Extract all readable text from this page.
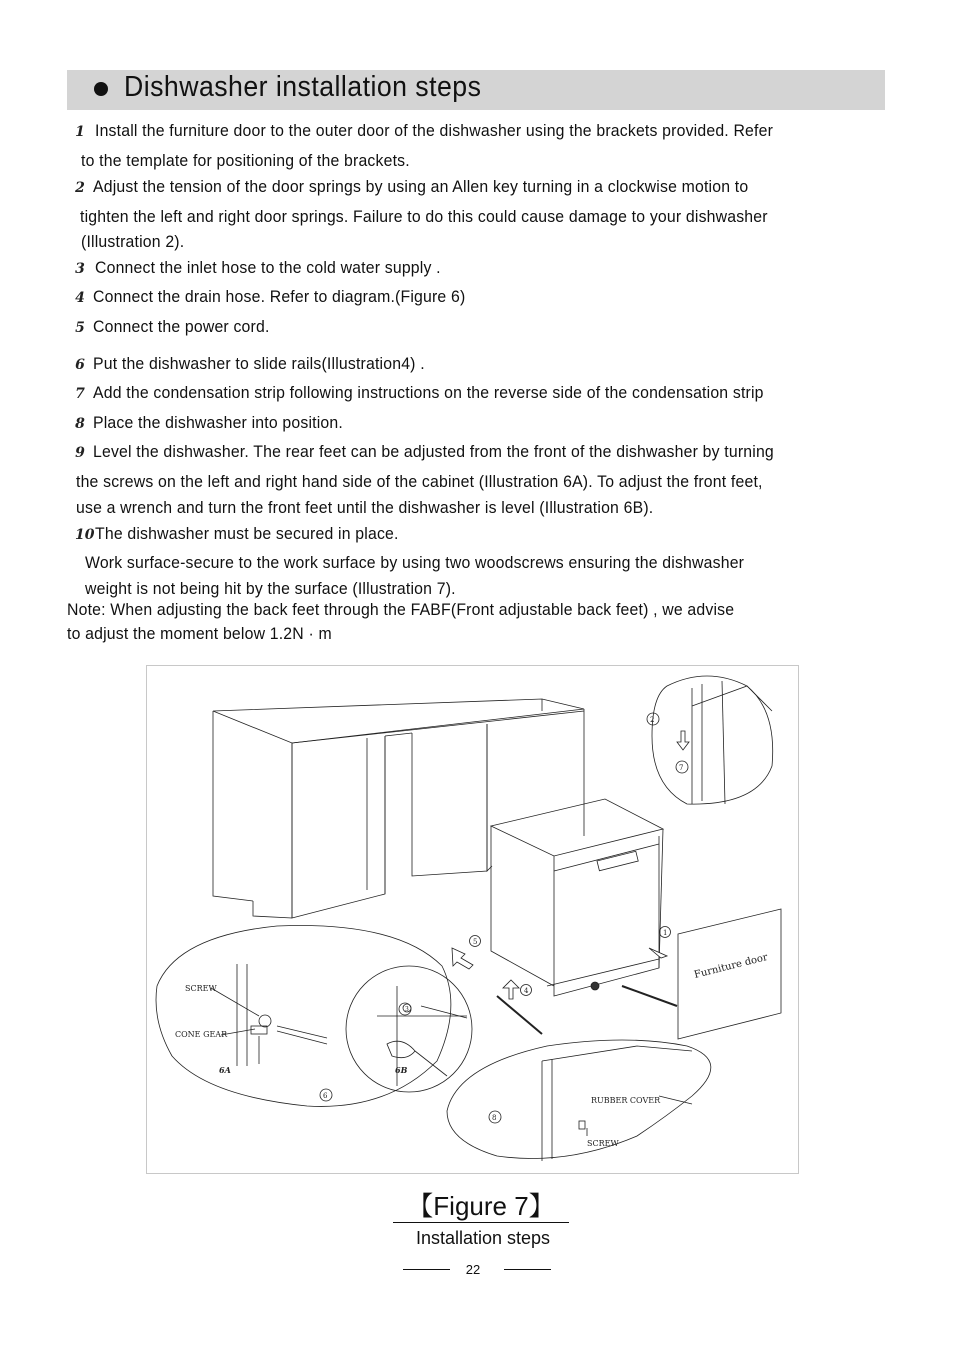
Dishwasher installation steps
1 Install the furniture door to the outer door of the dishwasher using the brackets provided. Refer
to the template for positioning of the brackets.
2 Adjust the tension of the door springs by using an Allen key turning in a clockwise motion to
tighten the left and right door springs. Failure to do this could cause damage to your dishwasher
(Illustration 2).
3 Connect the inlet hose to the cold water supply .
4 Connect the drain hose. Refer to diagram.(Figure 6)
5 Connect the power cord.
6 Put the dishwasher to slide rails(Illustration4) .
7 Add the condensation strip following instructions on the reverse side of the condensation strip
8 Place the dishwasher into position.
9 Level the dishwasher. The rear feet can be adjusted from the front of the dishwasher by turning
the screws on the left and right hand side of the cabinet (Illustration 6A). To adjust the front feet,
use a wrench and turn the front feet until the dishwasher is level (Illustration 6B).
10 The dishwasher must be secured in place.
Work surface-secure to the work surface by using two woodscrews ensuring the dishwasher
weight is not being hit by the surface (Illustration 7).
Note: When adjusting the back feet through the FABF(Front adjustable back feet) , we advise
to adjust the moment below 1.2N · m
Furniture door
SCREW
CONE GEAR
6A	6B
RUBBER COVER
SCREW
1
2
4
5
6
7
8
3
【Figure 7】
Installation steps
22
